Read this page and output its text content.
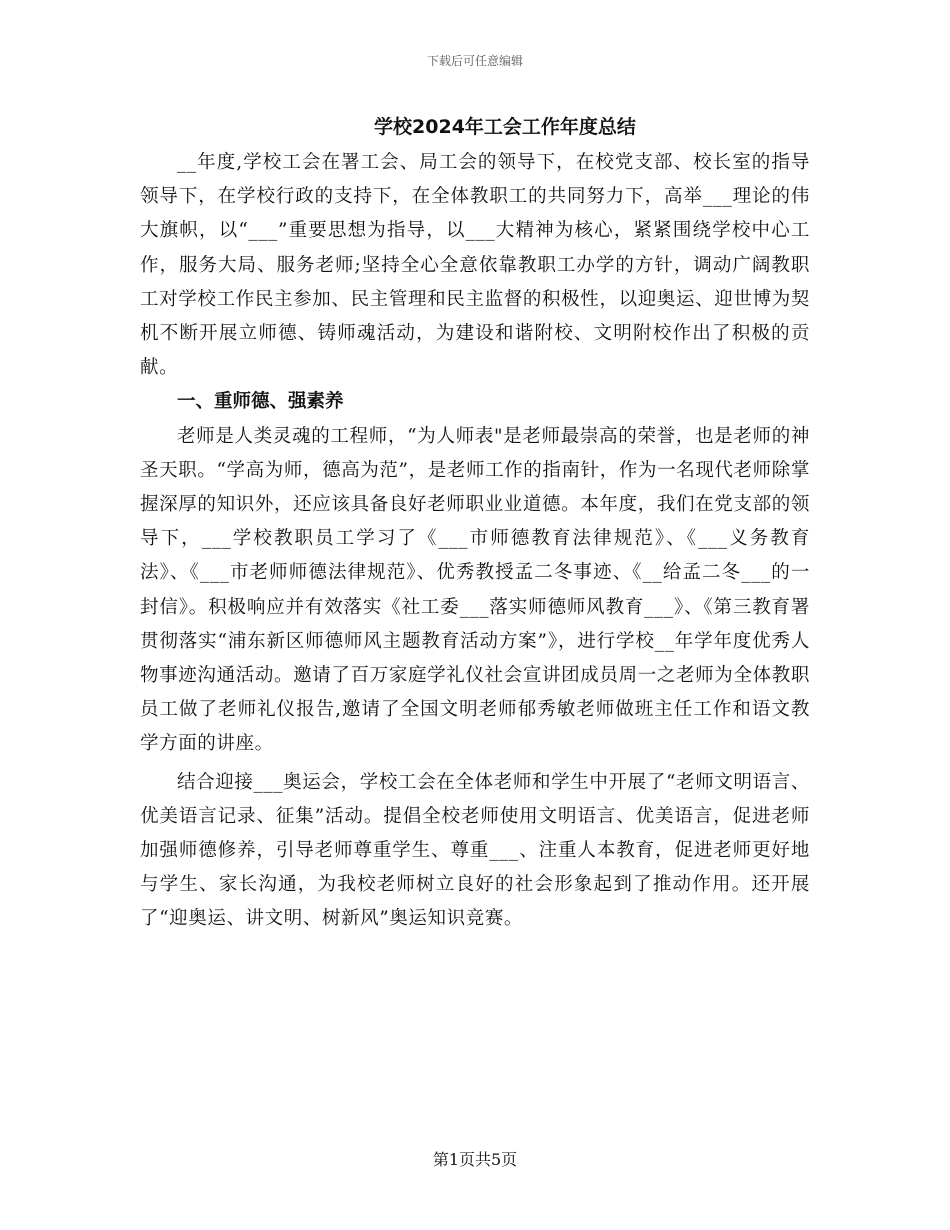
下载后可任意编辑
学校2024年工会工作年度总结

__年度,学校工会在署工会、局工会的领导下，在校党支部、校长室的指导领导下，在学校行政的支持下，在全体教职工的共同努力下，高举___理论的伟大旗帜，以“___”重要思想为指导，以___大精神为核心，紧紧围绕学校中心工作，服务大局、服务老师;坚持全心全意依靠教职工办学的方针，调动广阔教职工对学校工作民主参加、民主管理和民主监督的积极性，以迎奥运、迎世博为契机不断开展立师德、铸师魂活动，为建设和谐附校、文明附校作出了积极的贡献。

一、重师德、强素养

老师是人类灵魂的工程师，“为人师表"是老师最崇高的荣誉，也是老师的神圣天职。“学高为师，德高为范”，是老师工作的指南针，作为一名现代老师除掌握深厚的知识外，还应该具备良好老师职业业道德。本年度，我们在党支部的领导下，___学校教职员工学习了《___市师德教育法律规范》、《___义务教育法》、《___市老师师德法律规范》、优秀教授孟二冬事迹、《__给孟二冬___的一封信》。积极响应并有效落实《社工委___落实师德师风教育___》、《第三教育署贯彻落实“浦东新区师德师风主题教育活动方案”》，进行学校__年学年度优秀人物事迹沟通活动。邀请了百万家庭学礼仪社会宣讲团成员周一之老师为全体教职员工做了老师礼仪报告,邀请了全国文明老师郁秀敏老师做班主任工作和语文教学方面的讲座。

结合迎接___奥运会，学校工会在全体老师和学生中开展了“老师文明语言、优美语言记录、征集”活动。提倡全校老师使用文明语言、优美语言，促进老师加强师德修养，引导老师尊重学生、尊重___、注重人本教育，促进老师更好地与学生、家长沟通，为我校老师树立良好的社会形象起到了推动作用。还开展了“迎奥运、讲文明、树新风”奥运知识竞赛。

第1页共5页
